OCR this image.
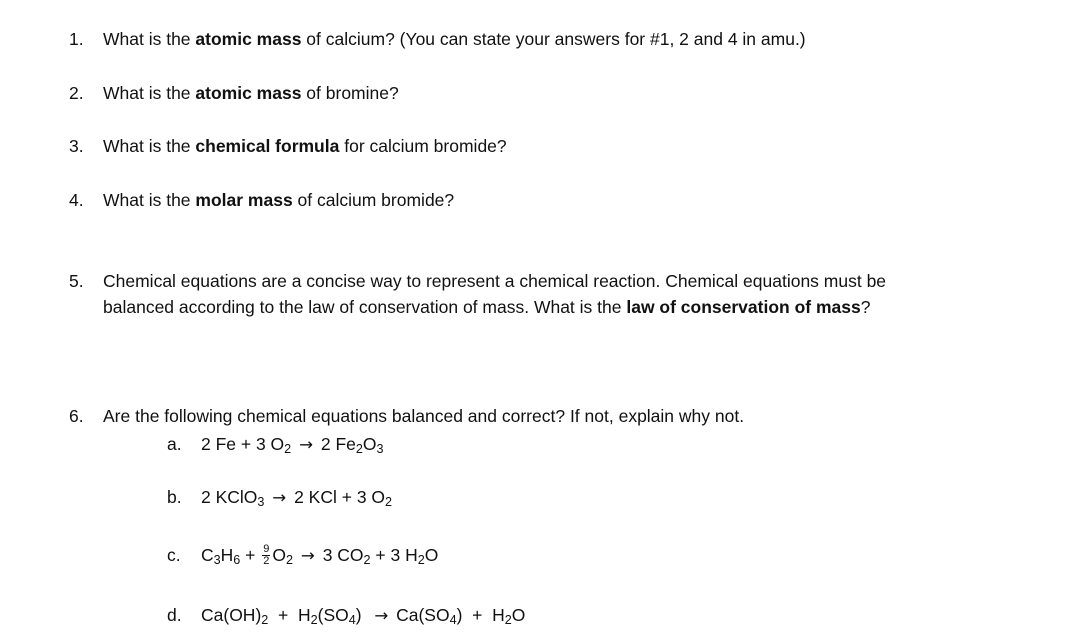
1.	What is the atomic mass of calcium? (You can state your answers for #1, 2 and 4 in amu.)
2.	What is the atomic mass of bromine?
3.	What is the chemical formula for calcium bromide?
4.	What is the molar mass of calcium bromide?
5.	Chemical equations are a concise way to represent a chemical reaction. Chemical equations must be
balanced according to the law of conservation of mass. What is the law of conservation of mass?
6.	Are the following chemical equations balanced and correct? If not, explain why not.
a.	2 Fe + 3 $O_2 \to 2$ $Fe_2O_3$
b.	2 KClO$_3$ → 2 KCl + 3 $O_2$
c.	$C_3H_6 + \frac{9}{2} O_2 \to 3$ $CO_2 + 3$ $H_2O$
d.	$Ca(OH)_2 + H_2(SO_4) \to Ca(SO_4) + H_2O$
